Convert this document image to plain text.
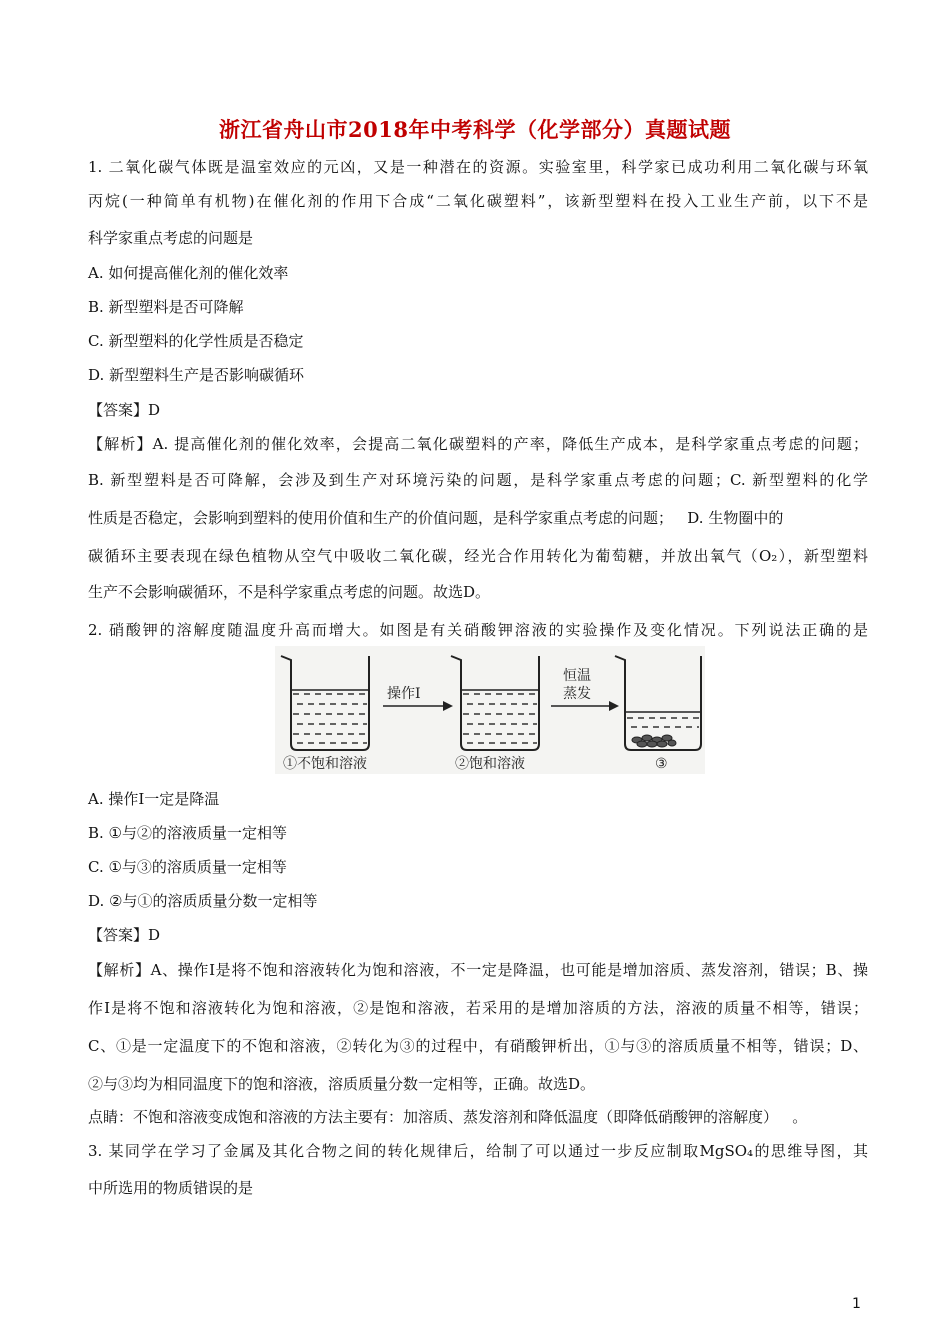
浙江省舟山市2018年中考科学（化学部分）真题试题
1. 二氧化碳气体既是温室效应的元凶，又是一种潜在的资源。实验室里，科学家已成功利用二氧化碳与环氧
丙烷(一种简单有机物)在催化剂的作用下合成“二氧化碳塑料”，该新型塑料在投入工业生产前，以下不是
科学家重点考虑的问题是
A. 如何提高催化剂的催化效率
B. 新型塑料是否可降解
C. 新型塑料的化学性质是否稳定
D. 新型塑料生产是否影响碳循环
【答案】D
【解析】A. 提高催化剂的催化效率，会提高二氧化碳塑料的产率，降低生产成本，是科学家重点考虑的问题；
B. 新型塑料是否可降解，会涉及到生产对环境污染的问题，是科学家重点考虑的问题；C. 新型塑料的化学
性质是否稳定，会影响到塑料的使用价值和生产的价值问题，是科学家重点考虑的问题；   D. 生物圈中的
碳循环主要表现在绿色植物从空气中吸收二氧化碳，经光合作用转化为葡萄糖，并放出氧气（O₂），新型塑料
生产不会影响碳循环，不是科学家重点考虑的问题。故选D。
2. 硝酸钾的溶解度随温度升高而增大。如图是有关硝酸钾溶液的实验操作及变化情况。下列说法正确的是
操作Ⅰ
恒温
蒸发
①不饱和溶液	②饱和溶液	③
A. 操作Ⅰ一定是降温
B. ①与②的溶液质量一定相等
C. ①与③的溶质质量一定相等
D. ②与①的溶质质量分数一定相等
【答案】D
【解析】A、操作Ⅰ是将不饱和溶液转化为饱和溶液，不一定是降温，也可能是增加溶质、蒸发溶剂，错误；B、操
作Ⅰ是将不饱和溶液转化为饱和溶液，②是饱和溶液，若采用的是增加溶质的方法，溶液的质量不相等，错误；
C、①是一定温度下的不饱和溶液，②转化为③的过程中，有硝酸钾析出，①与③的溶质质量不相等，错误；D、
②与③均为相同温度下的饱和溶液，溶质质量分数一定相等，正确。故选D。
点睛：不饱和溶液变成饱和溶液的方法主要有：加溶质、蒸发溶剂和降低温度（即降低硝酸钾的溶解度）   。
3. 某同学在学习了金属及其化合物之间的转化规律后，给制了可以通过一步反应制取MgSO₄的思维导图，其
中所选用的物质错误的是
1
